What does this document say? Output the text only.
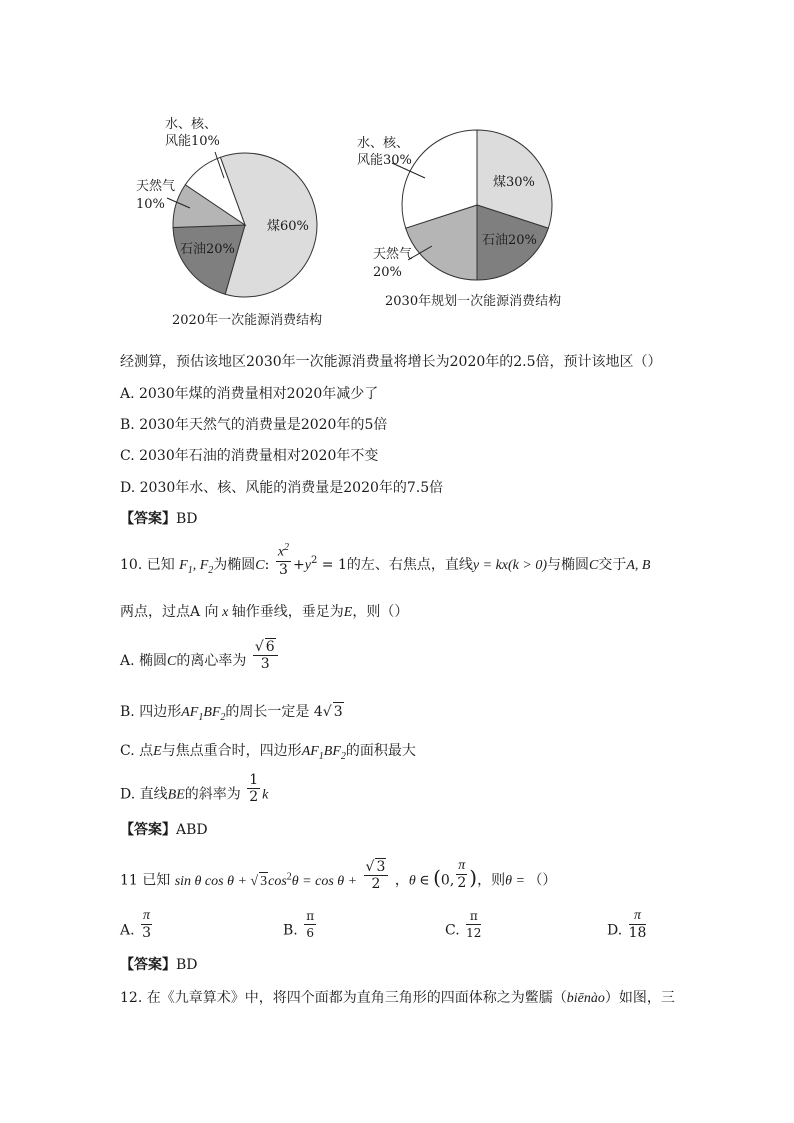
水、核、
风能10%
天然气
10%
煤60%
石油20%
2020年一次能源消费结构
水、核、
风能30%
煤30%
石油20%
天然气
20%
2030年规划一次能源消费结构
经测算，预估该地区2030年一次能源消费量将增长为2020年的2.5倍，预计该地区（）
A. 2030年煤的消费量相对2020年减少了
B. 2030年天然气的消费量是2020年的5倍
C. 2030年石油的消费量相对2020年不变
D. 2030年水、核、风能的消费量是2020年的7.5倍
【答案】BD
10. 已知 $F_1$, $F_2$为椭圆C: $\frac{x^2}{3} +y^2 = 1$的左、右焦点，直线y = kx(k > 0)与椭圆C交于A, B
两点，过点A 向 x 轴作垂线，垂足为E，则（）
A. 椭圆C的离心率为 $\frac{√ 6}{3}$
B. 四边形$AF_1BF_2$的周长一定是 4√ 3
C. 点E与焦点重合时，四边形$AF_1BF_2$的面积最大
D. 直线BE的斜率为 $\frac{1}{2}$ k
【答案】ABD
11 已知 sin θ cos θ + √ $3\cos^2\theta = \cos \theta + \frac{√ 3}{2}$ ，θ ∈ (0, $\frac{\pi}{2}$ )，则θ = （）
A. $\frac{\pi}{3}$	B. $\frac{\pi}{6}$	C. $\frac{\pi}{12}$	D. $\frac{\pi}{18}$
【答案】BD
12. 在《九章算术》中，将四个面都为直角三角形的四面体称之为鳖臑（biēnào）如图，三
